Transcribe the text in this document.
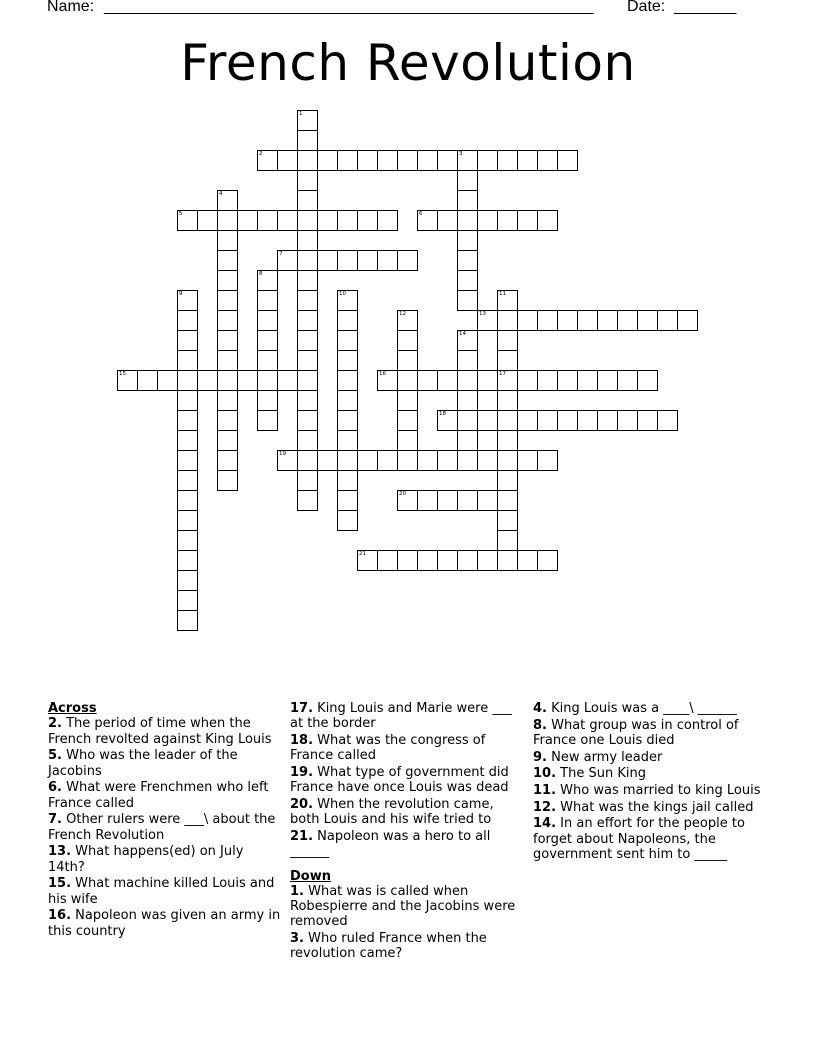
Name: _______________________________________________________ Date: _______
French Revolution
1
2	3
4
5	6
7
8
9	10	11
17
12	13
14
15	16
18
19
20
21
Across
2. The period of time when the French revolted against King Louis
5. Who was the leader of the Jacobins
6. What were Frenchmen who left France called
7. Other rulers were ___\ about the French Revolution
13. What happens(ed) on July 14th?
15. What machine killed Louis and his wife
16. Napoleon was given an army in this country
17. King Louis and Marie were ___ at the border
18. What was the congress of France called
19. What type of government did France have once Louis was dead
20. When the revolution came, both Louis and his wife tried to
21. Napoleon was a hero to all ______
Down
1. What was is called when Robespierre and the Jacobins were removed
3. Who ruled France when the revolution came?
4. King Louis was a ____\ ______
8. What group was in control of France one Louis died
9. New army leader
10. The Sun King
11. Who was married to king Louis
12. What was the kings jail called
14. In an effort for the people to forget about Napoleons, the government sent him to _____
